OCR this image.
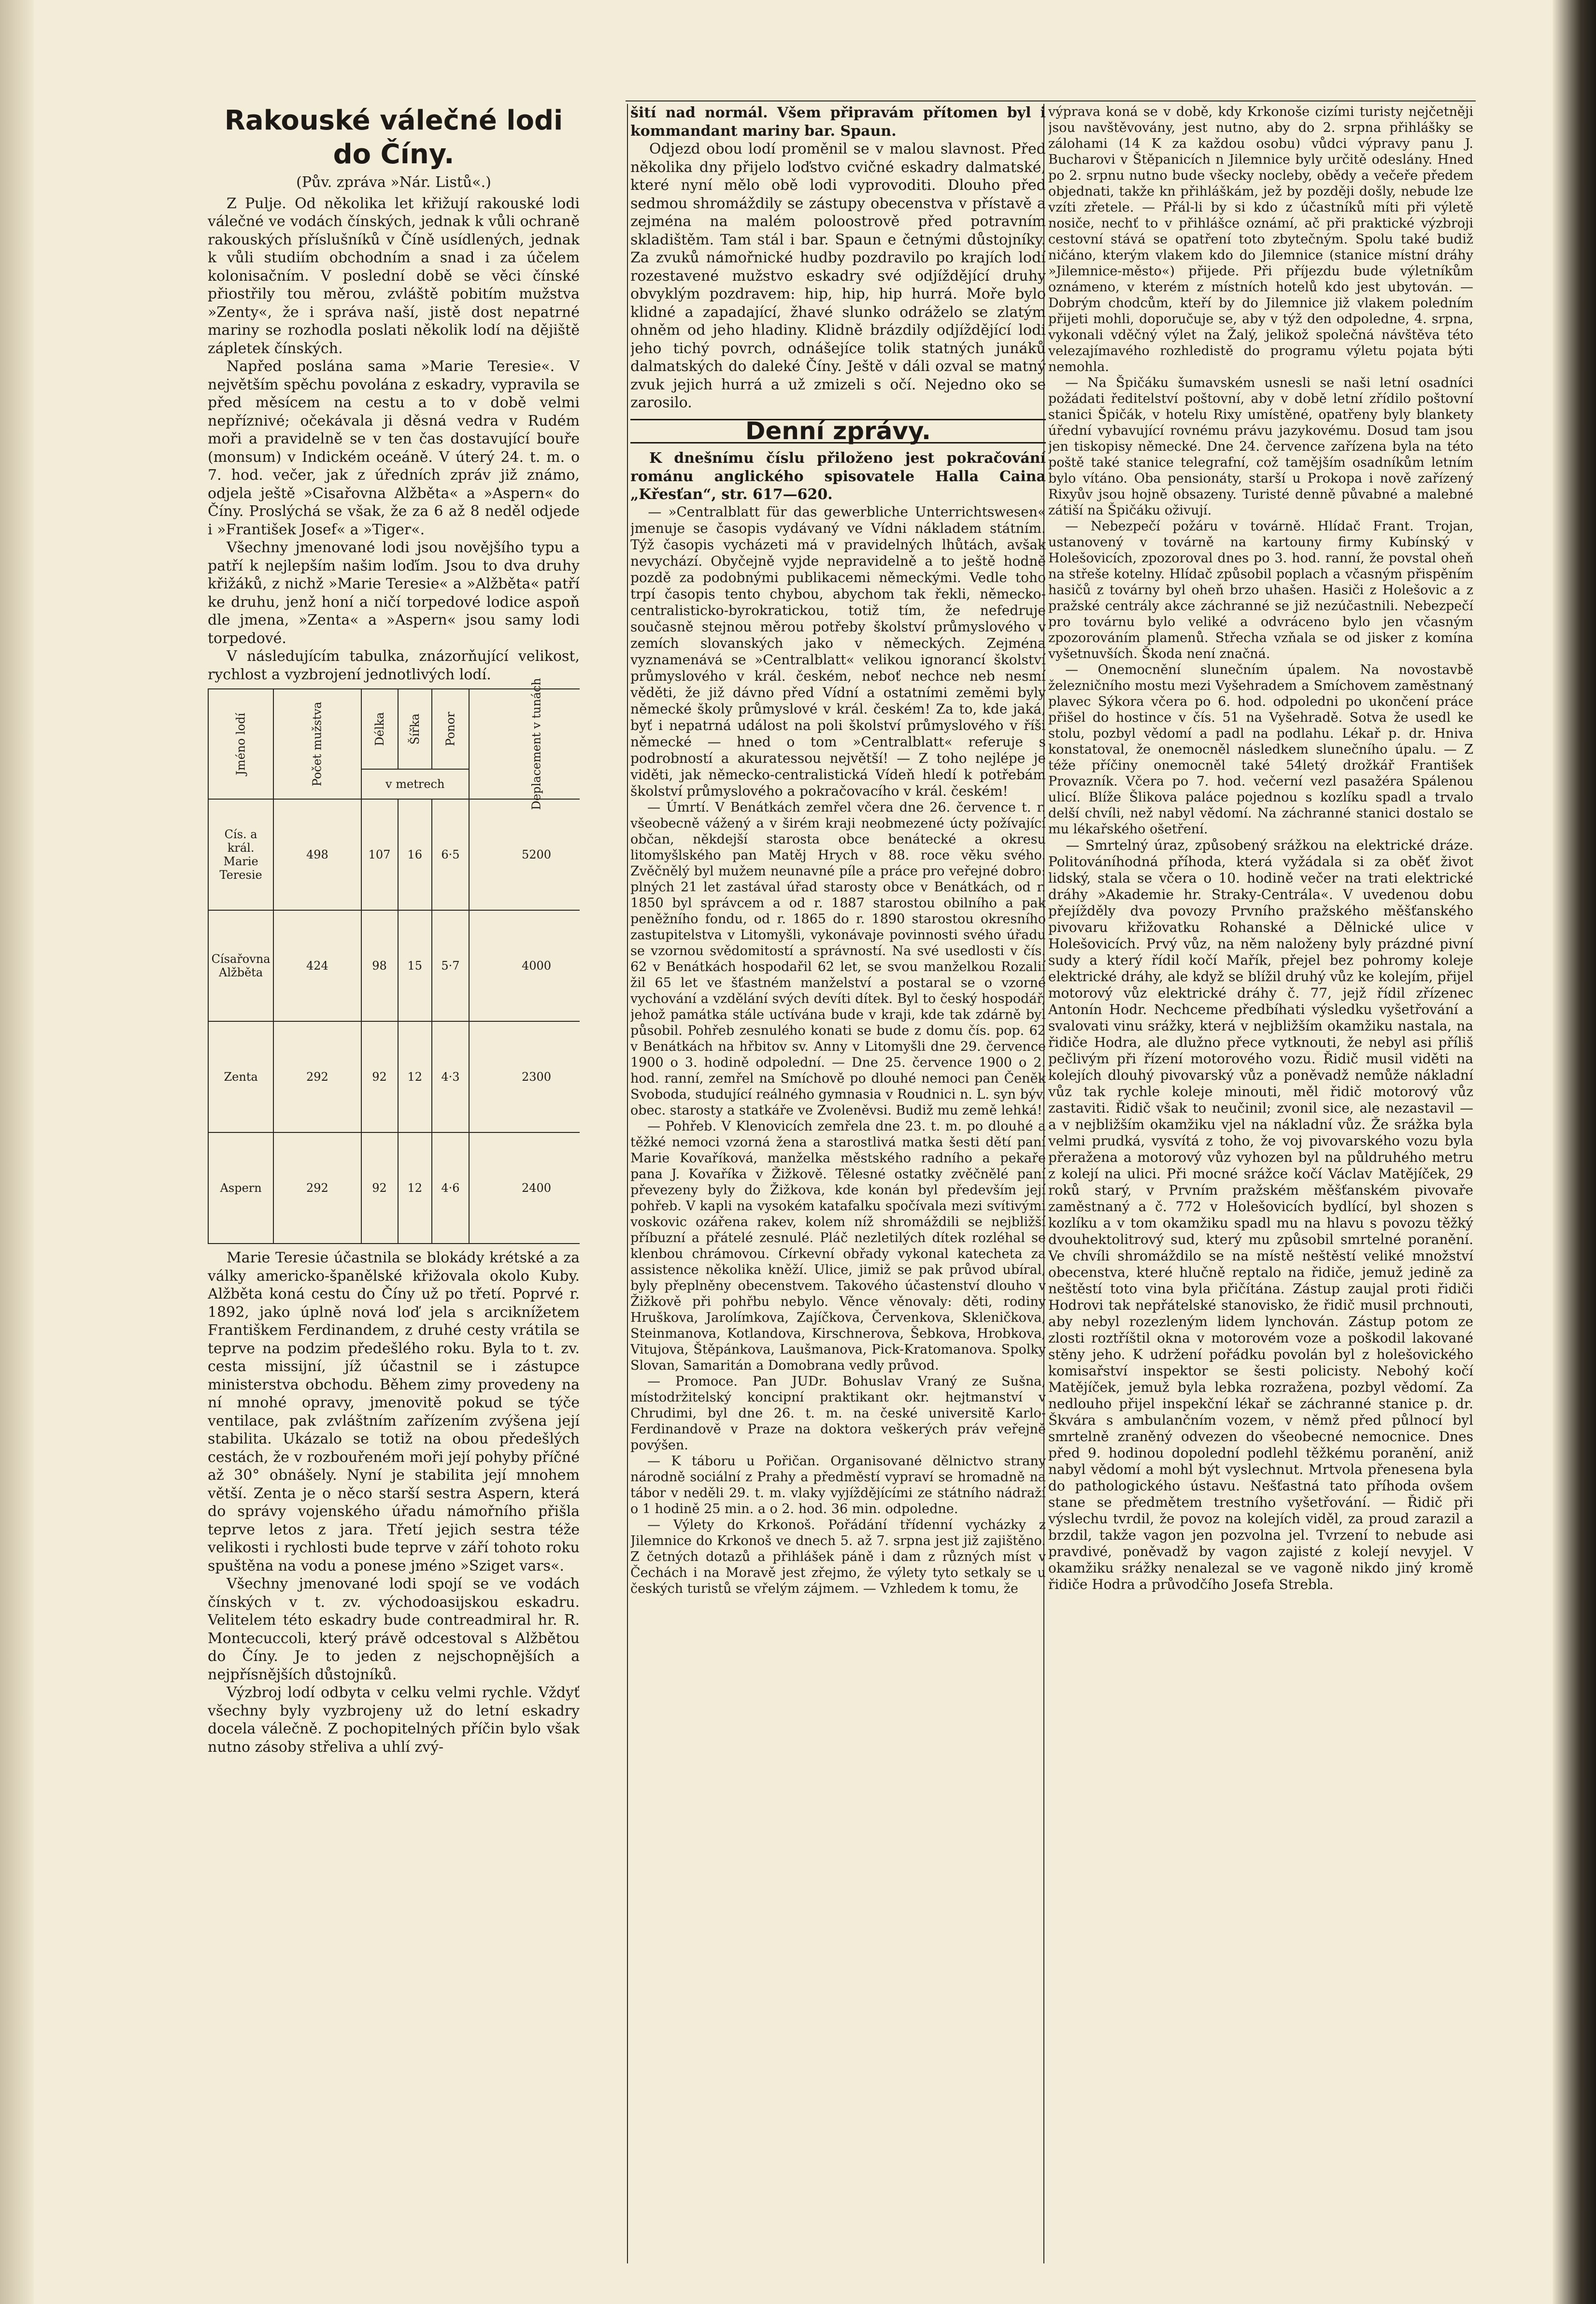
Rakouské válečné lodi do Číny.
(Pův. zpráva »Nár. Listů«.)

Z Pulje. Od několika let křižují rakouské lodi válečné ve vodách čínských, jednak k vůli ochraně rakouských příslušníků v Číně usídlených, jednak k vůli studiím obchodním a snad i za účelem kolonisačním. V poslední době se věci čínské přiostřily tou měrou, zvláště pobitím mužstva »Zenty«, že i správa naší, jistě dost nepatrné mariny se rozhodla poslati několik lodí na dějiště zápletek čínských.

Napřed poslána sama »Marie Teresie«. V největším spěchu povolána z eskadry, vypravila se před měsícem na cestu a to v době velmi nepříznivé; očekávala ji děsná vedra v Rudém moři a pravidelně se v ten čas dostavující bouře (monsum) v Indickém oceáně. V úterý 24. t. m. o 7. hod. večer, jak z úředních zpráv již známo, odjela ještě »Cisařovna Alžběta« a »Aspern« do Číny. Proslýchá se však, že za 6 až 8 neděl odjede i »František Josef« a »Tiger«.

Všechny jmenované lodi jsou novějšího typu a patří k nejlepším našim loďím. Jsou to dva druhy křižáků, z nichž »Marie Teresie« a »Alžběta« patří ke druhu, jenž honí a ničí torpedové lodice aspoň dle jmena, »Zenta« a »Aspern« jsou samy lodi torpedové.

V následujícím tabulka, znázorňující velikost, rychlost a vyzbrojení jednotlivých lodí.

Jméno lodí	Počet mužstva	Délka	Šířka	Ponor	Deplacement v tunách						
		v metrech	
Cís. a král. Marie Teresie	498	107	16	6·5	5200						
Císařovna Alžběta	424	98	15	5·7	4000						
Zenta	292	92	12	4·3	2300						
Aspern	292	92	12	4·6	2400						

Marie Teresie účastnila se blokády krétské a za války americko-španělské křižovala okolo Kuby. Alžběta koná cestu do Číny už po třetí. Poprvé r. 1892, jako úplně nová loď jela s arciknížetem Františkem Ferdinandem, z druhé cesty vrátila se teprve na podzim předešlého roku. Byla to t. zv. cesta missijní, jíž účastnil se i zástupce ministerstva obchodu. Během zimy provedeny na ní mnohé opravy, jmenovitě pokud se týče ventilace, pak zvláštním zařízením zvýšena její stabilita. Ukázalo se totiž na obou předešlých cestách, že v rozbouřeném moři její pohyby příčné až 30° obnášely. Nyní je stabilita její mnohem větší. Zenta je o něco starší sestra Aspern, která do správy vojenského úřadu námořního přišla teprve letos z jara. Třetí jejich sestra téže velikosti i rychlosti bude teprve v září tohoto roku spuštěna na vodu a ponese jméno »Sziget vars«.

Všechny jmenované lodi spojí se ve vodách čínských v t. zv. východoasijskou eskadru. Velitelem této eskadry bude contreadmiral hr. R. Montecuccoli, který právě odcestoval s Alžbětou do Číny. Je to jeden z nejschopnějších a nejpřísnějších důstojníků.

Výzbroj lodí odbyta v celku velmi rychle. Vždyť všechny byly vyzbrojeny už do letní eskadry docela válečně. Z pochopitelných příčin bylo však nutno zásoby střeliva a uhlí zvý-

šití nad normál. Všem připravám přítomen byl i kommandant mariny bar. Spaun.

Odjezd obou lodí proměnil se v malou slavnost. Před několika dny přijelo loďstvo cvičné eskadry dalmatské, které nyní mělo obě lodi vyprovoditi. Dlouho před sedmou shromáždily se zástupy obecenstva v přístavě a zejména na malém poloostrově před potravním skladištěm. Tam stál i bar. Spaun e četnými důstojníky. Za zvuků námořnické hudby pozdravilo po krajích lodí rozestavené mužstvo eskadry své odjíždějící druhy obvyklým pozdravem: hip, hip, hip hurrá. Moře bylo klidné a zapadající, žhavé slunko odráželo se zlatým ohněm od jeho hladiny. Klidně brázdily odjíždějící lodi jeho tichý povrch, odnášejíce tolik statných junáků dalmatských do daleké Číny. Ještě v dáli ozval se matný zvuk jejich hurrá a už zmizeli s očí. Nejedno oko se zarosilo.

Denní zprávy.

K dnešnímu číslu přiloženo jest pokračování románu anglického spisovatele Halla Caina „Křesťan“, str. 617—620.

— »Centralblatt für das gewerbliche Unterrichtswesen« jmenuje se časopis vydávaný ve Vídni nákladem státním. Týž časopis vycházeti má v pravidelných lhůtách, avšak nevychází. Obyčejně vyjde nepravidelně a to ještě hodně pozdě za podobnými publikacemi německými. Vedle toho trpí časopis tento chybou, abychom tak řekli, německo-centralisticko-byrokratickou, totiž tím, že nefedruje současně stejnou měrou potřeby školství průmyslového v zemích slovanských jako v německých. Zejména vyznamenává se »Centralblatt« velikou ignorancí školství průmyslového v král. českém, neboť nechce neb nesmí věděti, že již dávno před Vídní a ostatními zeměmi byly německé školy průmyslové v král. českém! Za to, kde jaká, byť i nepatrná událost na poli školství průmyslového v říši německé — hned o tom »Centralblatt« referuje s podrobností a akuratessou největší! — Z toho nejlépe je viděti, jak německo-centralistická Vídeň hledí k potřebám školství průmyslového a pokračovacího v král. českém!

— Úmrtí. V Benátkách zemřel včera dne 26. července t. r. všeobecně vážený a v širém kraji neobmezené úcty požívající občan, někdejší starosta obce benátecké a okresu litomyšlského pan Matěj Hrych v 88. roce věku svého. Zvěčnělý byl mužem neunavné píle a práce pro veřejné dobro: plných 21 let zastával úřad starosty obce v Benátkách, od r. 1850 byl správcem a od r. 1887 starostou obilního a pak peněžního fondu, od r. 1865 do r. 1890 starostou okresního zastupitelstva v Litomyšli, vykonávaje povinnosti svého úřadu se vzornou svědomitostí a správností. Na své usedlosti v čís. 62 v Benátkách hospodařil 62 let, se svou manželkou Rozalií žil 65 let ve šťastném manželství a postaral se o vzorné vychování a vzdělání svých devíti dítek. Byl to český hospodář, jehož památka stále uctívána bude v kraji, kde tak zdárně byl působil. Pohřeb zesnulého konati se bude z domu čís. pop. 62 v Benátkách na hřbitov sv. Anny v Litomyšli dne 29. července 1900 o 3. hodině odpolední. — Dne 25. července 1900 o 2. hod. ranní, zemřel na Smíchově po dlouhé nemoci pan Čeněk Svoboda, studující reálného gymnasia v Roudnici n. L. syn býv. obec. starosty a statkáře ve Zvoleněvsi. Budiž mu země lehká!

— Pohřeb. V Klenovicích zemřela dne 23. t. m. po dlouhé a těžké nemoci vzorná žena a starostlivá matka šesti dětí paní Marie Kovaříková, manželka městského radního a pekaře pana J. Kovaříka v Žižkově. Tělesné ostatky zvěčnělé paní převezeny byly do Žižkova, kde konán byl především její pohřeb. V kapli na vysokém katafalku spočívala mezi svítivými voskovic ozářena rakev, kolem níž shromáždili se nejbližší příbuzní a přátelé zesnulé. Pláč nezletilých dítek rozléhal se klenbou chrámovou. Církevní obřady vykonal katecheta za assistence několika kněží. Ulice, jimiž se pak průvod ubíral, byly přeplněny obecenstvem. Takového účastenství dlouho v Žižkově při pohřbu nebylo. Věnce věnovaly: děti, rodiny Hruškova, Jarolímkova, Zajíčkova, Červenkova, Skleničkova, Steinmanova, Kotlandova, Kirschnerova, Šebkova, Hrobkova, Vitujova, Štěpánkova, Laušmanova, Pick-Kratomanova. Spolky Slovan, Samaritán a Domobrana vedly průvod.

— Promoce. Pan JUDr. Bohuslav Vraný ze Sušna, místodržitelský koncipní praktikant okr. hejtmanství v Chrudimi, byl dne 26. t. m. na české universitě Karlo-Ferdinandově v Praze na doktora veškerých práv veřejně povýšen.

— K táboru u Pořičan. Organisované dělnictvo strany národně sociální z Prahy a předměstí vypraví se hromadně na tábor v neděli 29. t. m. vlaky vyjíždějícími ze státního nádraží o 1 hodině 25 min. a o 2. hod. 36 min. odpoledne.

— Výlety do Krkonoš. Pořádání třídenní vycházky z Jilemnice do Krkonoš ve dnech 5. až 7. srpna jest již zajištěno. Z četných dotazů a přihlášek páně i dam z různých míst v Čechách i na Moravě jest zřejmo, že výlety tyto setkaly se u českých turistů se vřelým zájmem. — Vzhledem k tomu, že

výprava koná se v době, kdy Krkonoše cizími turisty nejčetněji jsou navštěvovány, jest nutno, aby do 2. srpna přihlášky se zálohami (14 K za každou osobu) vůdci výpravy panu J. Bucharovi v Štěpanicích n Jilemnice byly určitě odeslány. Hned po 2. srpnu nutno bude všecky nocleby, obědy a večeře předem objednati, takže kn přihláškám, jež by později došly, nebude lze vzíti zřetele. — Přál-li by si kdo z účastníků míti při výletě nosiče, nechť to v přihlášce oznámí, ač při praktické výzbroji cestovní stává se opatření toto zbytečným. Spolu také budiž ničáno, kterým vlakem kdo do Jilemnice (stanice místní dráhy »Jilemnice-město«) přijede. Při příjezdu bude výletníkům oznámeno, v kterém z místních hotelů kdo jest ubytován. — Dobrým chodcům, kteří by do Jilemnice již vlakem poledním přijeti mohli, doporučuje se, aby v týž den odpoledne, 4. srpna, vykonali vděčný výlet na Žalý, jelikož společná návštěva této velezajímavého rozhledistě do programu výletu pojata býti nemohla.

— Na Špičáku šumavském usnesli se naši letní osadníci požádati ředitelství poštovní, aby v době letní zřídilo poštovní stanici Špičák, v hotelu Rixy umístěné, opatřeny byly blankety úřední vybavující rovnému právu jazykovému. Dosud tam jsou jen tiskopisy německé. Dne 24. července zařízena byla na této poště také stanice telegrafní, což tamějším osadníkům letním bylo vítáno. Oba pensionáty, starší u Prokopa i nově zařízený Rixyův jsou hojně obsazeny. Turisté denně půvabné a malebné zátiší na Špičáku oživují.

— Nebezpečí požáru v továrně. Hlídač Frant. Trojan, ustanovený v továrně na kartouny firmy Kubínský v Holešovicích, zpozoroval dnes po 3. hod. ranní, že povstal oheň na střeše kotelny. Hlídač způsobil poplach a včasným přispěním hasičů z továrny byl oheň brzo uhašen. Hasiči z Holešovic a z pražské centrály akce záchranné se již nezúčastnili. Nebezpečí pro továrnu bylo veliké a odvráceno bylo jen včasným zpozorováním plamenů. Střecha vzňala se od jisker z komína vyšetnuvších. Škoda není značná.

— Onemocnění slunečním úpalem. Na novostavbě železničního mostu mezi Vyšehradem a Smíchovem zaměstnaný plavec Sýkora včera po 6. hod. odpoledni po ukončení práce přišel do hostince v čís. 51 na Vyšehradě. Sotva že usedl ke stolu, pozbyl vědomí a padl na podlahu. Lékař p. dr. Hniva konstatoval, že onemocněl následkem slunečního úpalu. — Z téže příčiny onemocněl také 54letý drožkář František Provazník. Včera po 7. hod. večerní vezl pasažéra Spálenou ulicí. Blíže Šlikova paláce pojednou s kozlíku spadl a trvalo delší chvíli, než nabyl vědomí. Na záchranné stanici dostalo se mu lékařského ošetření.

— Smrtelný úraz, způsobený srážkou na elektrické dráze. Politováníhodná příhoda, která vyžádala si za oběť život lidský, stala se včera o 10. hodině večer na trati elektrické dráhy »Akademie hr. Straky-Centrála«. V uvedenou dobu přejížděly dva povozy Prvního pražského měšťanského pivovaru křižovatku Rohanské a Dělnické ulice v Holešovicích. Prvý vůz, na něm naloženy byly prázdné pivní sudy a který řídil kočí Mařík, přejel bez pohromy koleje elektrické dráhy, ale když se blížil druhý vůz ke kolejím, přijel motorový vůz elektrické dráhy č. 77, jejž řídil zřízenec Antonín Hodr. Nechceme předbíhati výsledku vyšetřování a svalovati vinu srážky, která v nejbližším okamžiku nastala, na řidiče Hodra, ale dlužno přece vytknouti, že nebyl asi příliš pečlivým při řízení motorového vozu. Řidič musil viděti na kolejích dlouhý pivovarský vůz a poněvadž nemůže nákladní vůz tak rychle koleje minouti, měl řidič motorový vůz zastaviti. Řidič však to neučinil; zvonil sice, ale nezastavil — a v nejbližším okamžiku vjel na nákladní vůz. Že srážka byla velmi prudká, vysvítá z toho, že voj pivovarského vozu byla přeražena a motorový vůz vyhozen byl na půldruhého metru z kolejí na ulici. Při mocné srážce kočí Václav Matějíček, 29 roků starý, v Prvním pražském měšťanském pivovaře zaměstnaný a č. 772 v Holešovicích bydlící, byl shozen s kozlíku a v tom okamžiku spadl mu na hlavu s povozu těžký dvouhektolitrový sud, který mu způsobil smrtelné poranění. Ve chvíli shromáždilo se na místě neštěstí veliké množství obecenstva, které hlučně reptalo na řidiče, jemuž jedině za neštěstí toto vina byla přičítána. Zástup zaujal proti řidiči Hodrovi tak nepřátelské stanovisko, že řidič musil prchnouti, aby nebyl rozezleným lidem lynchován. Zástup potom ze zlosti roztříštil okna v motorovém voze a poškodil lakované stěny jeho. K udržení pořádku povolán byl z holešovického komisařství inspektor se šesti policisty. Nebohý kočí Matějíček, jemuž byla lebka rozražena, pozbyl vědomí. Za nedlouho přijel inspekční lékař se záchranné stanice p. dr. Škvára s ambulančním vozem, v němž před půlnocí byl smrtelně zraněný odvezen do všeobecné nemocnice. Dnes před 9. hodinou dopolední podlehl těžkému poranění, aniž nabyl vědomí a mohl být vyslechnut. Mrtvola přenesena byla do pathologického ústavu. Nešťastná tato příhoda ovšem stane se předmětem trestního vyšetřování. — Řidič při výslechu tvrdil, že povoz na kolejích viděl, za proud zarazil a brzdil, takže vagon jen pozvolna jel. Tvrzení to nebude asi pravdivé, poněvadž by vagon zajisté z kolejí nevyjel. V okamžiku srážky nenalezal se ve vagoně nikdo jiný kromě řidiče Hodra a průvodčího Josefa Strebla.
